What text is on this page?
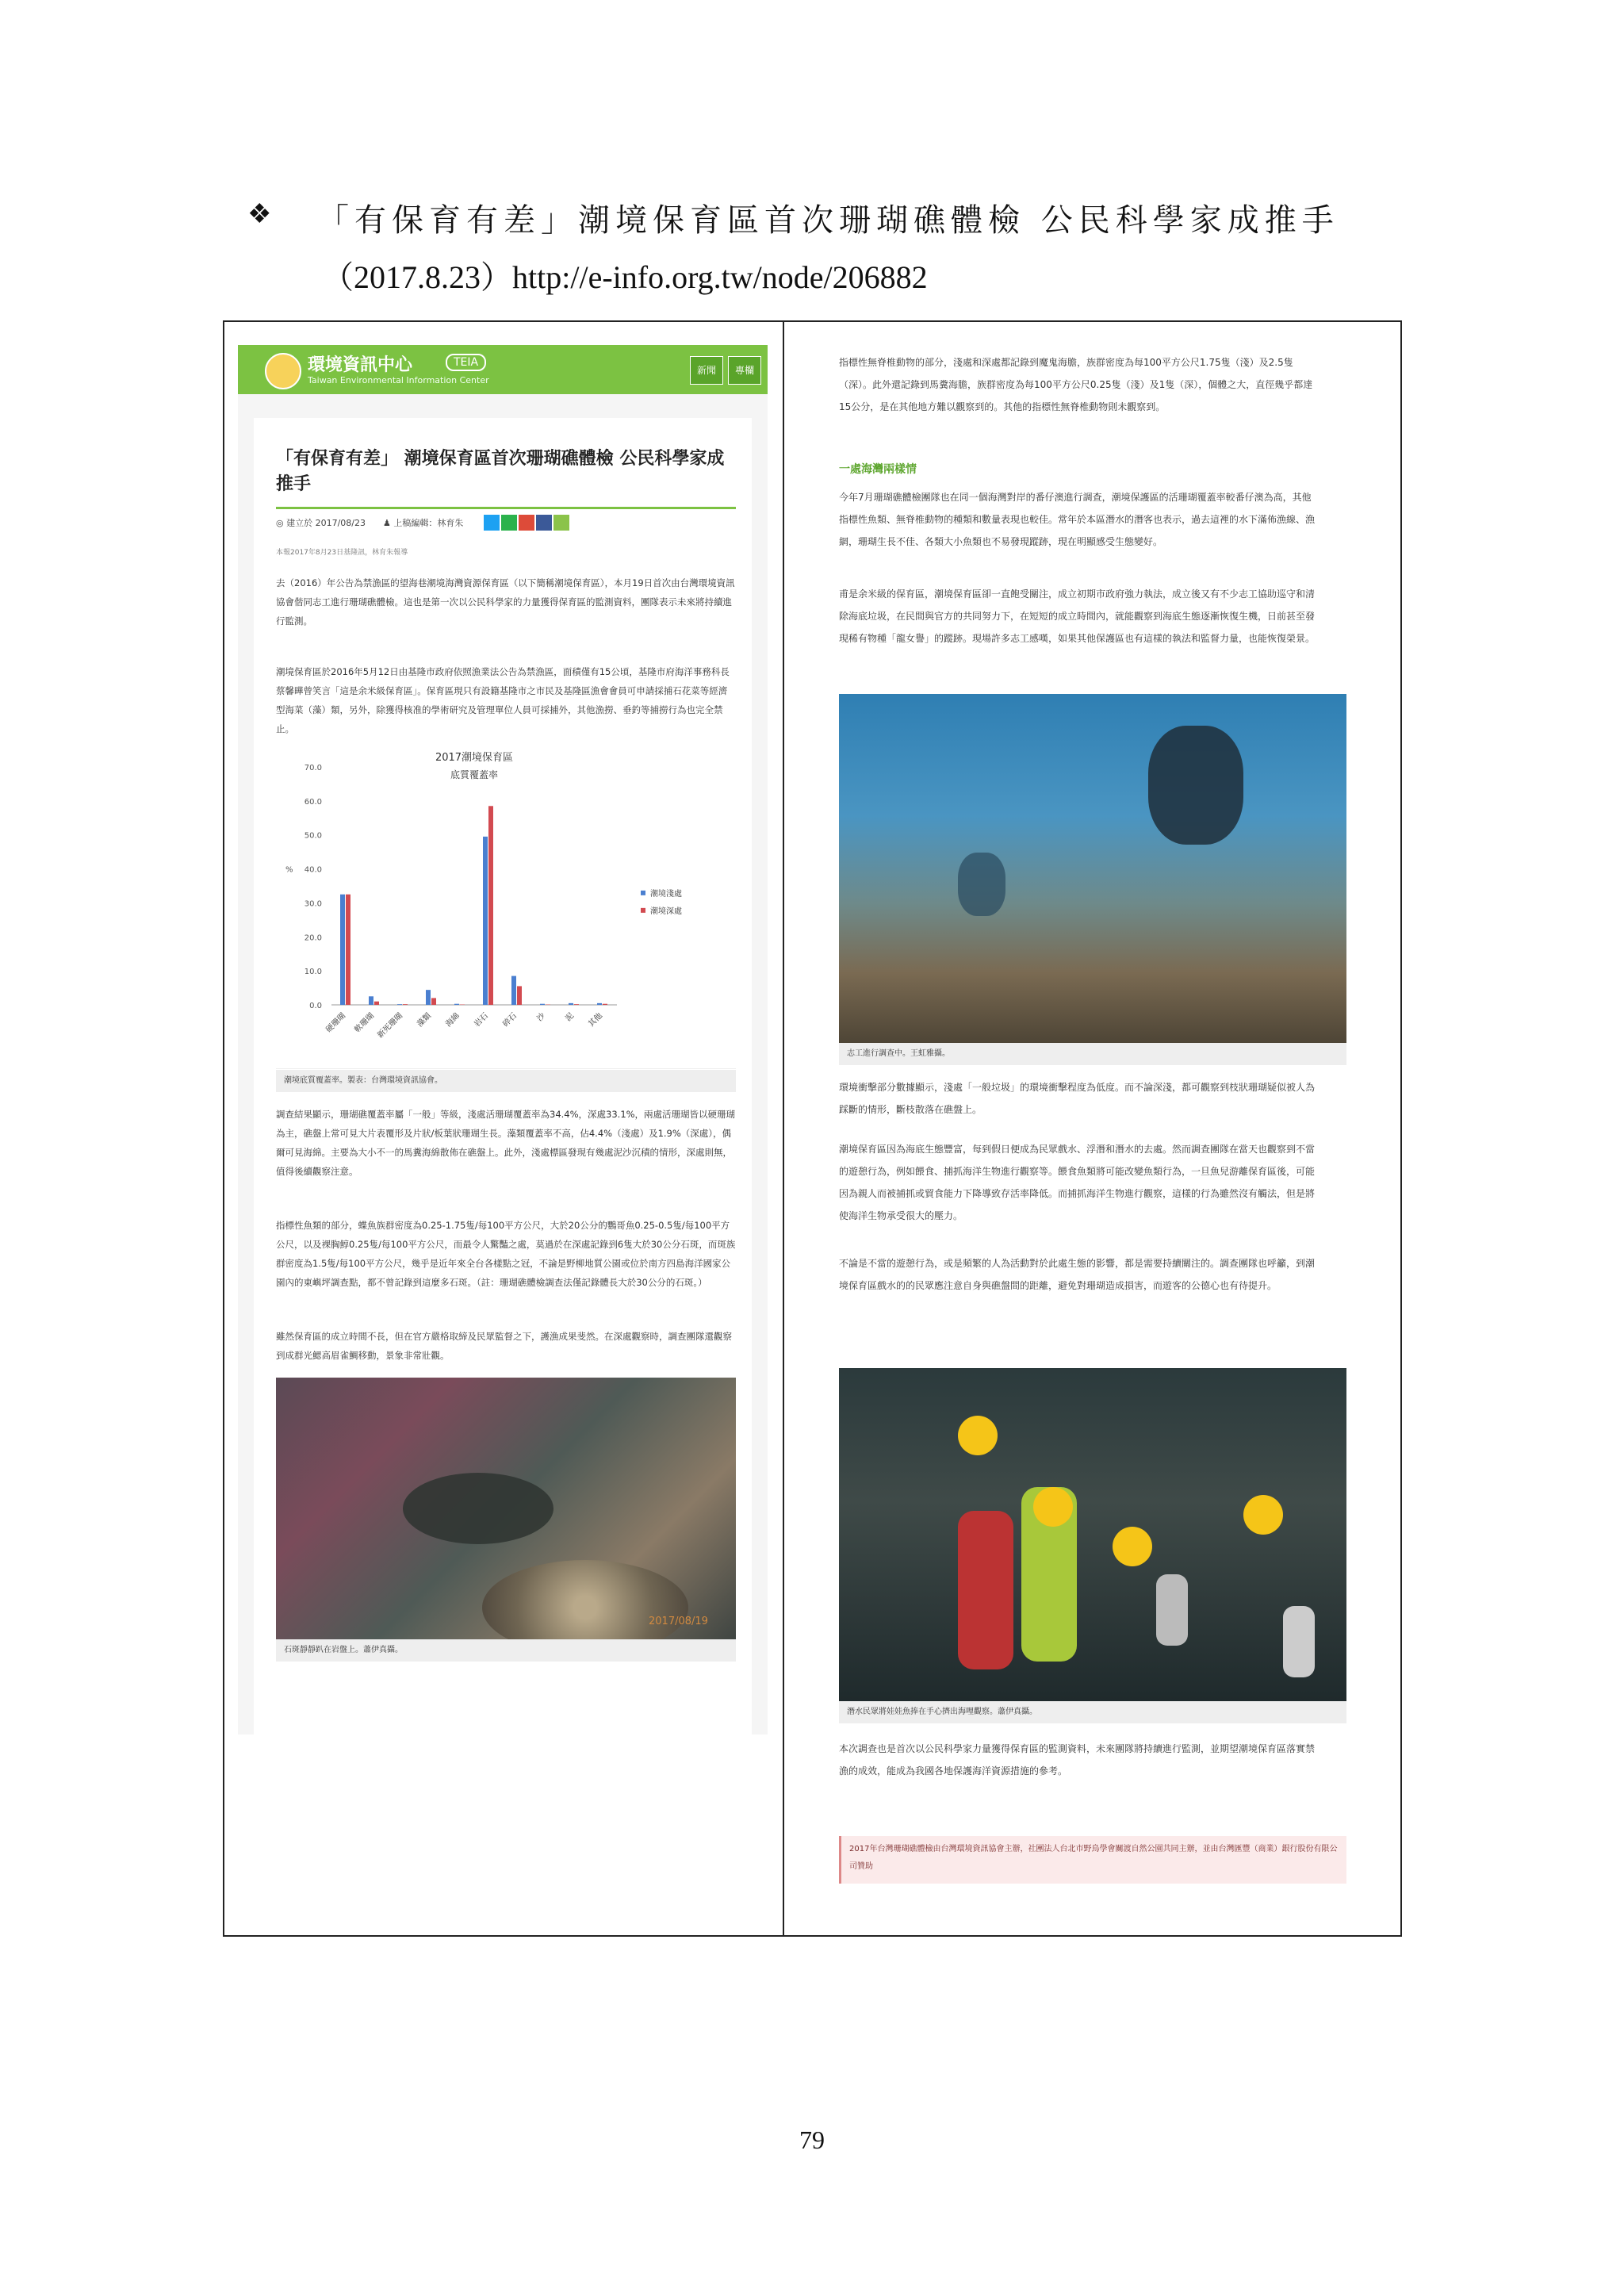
❖ 「有保育有差」潮境保育區首次珊瑚礁體檢 公民科學家成推手
（2017.8.23）http://e-info.org.tw/node/206882
環境資訊中心	TEIA
Taiwan Environmental Information Center
新聞	專欄
「有保育有差」 潮境保育區首次珊瑚礁體檢 公民科學家成推手
◎ 建立於 2017/08/23　　♟ 上稿編輯：林育朱
本報2017年8月23日基隆訊，林育朱報導
去（2016）年公告為禁漁區的望海巷潮境海灣資源保育區（以下簡稱潮境保育區），本月19日首次由台灣環境資訊協會偕同志工進行珊瑚礁體檢。這也是第一次以公民科學家的力量獲得保育區的監測資料，團隊表示未來將持續進行監測。
潮境保育區於2016年5月12日由基隆市政府依照漁業法公告為禁漁區，面積僅有15公頃，基隆市府海洋事務科長蔡馨曄曾笑言「這是余米級保育區」。保育區現只有設籍基隆市之市民及基隆區漁會會員可申請採捕石花菜等經濟型海菜（藻）類，另外，除獲得核准的學術研究及管理單位人員可採捕外，其他漁撈、垂釣等捕撈行為也完全禁止。
2017潮境保育區
底質覆蓋率
70.0
60.0
50.0
40.0
30.0
20.0
10.0
0.0
%
硬珊瑚 軟珊瑚 新死珊瑚 藻類 海綿 岩石 碎石 沙 泥 其他
潮境淺處
潮境深處
潮境底質覆蓋率。製表：台灣環境資訊協會。
調查結果顯示，珊瑚礁覆蓋率屬「一般」等級，淺處活珊瑚覆蓋率為34.4%，深處33.1%，兩處活珊瑚皆以硬珊瑚為主，礁盤上常可見大片表覆形及片狀/板葉狀珊瑚生長。藻類覆蓋率不高，佔4.4%（淺處）及1.9%（深處），偶爾可見海綿。主要為大小不一的馬糞海綿散佈在礁盤上。此外，淺處標區發現有幾處泥沙沉積的情形，深處則無，值得後續觀察注意。
指標性魚類的部分，蝶魚族群密度為0.25-1.75隻/每100平方公尺，大於20公分的鸚哥魚0.25-0.5隻/每100平方公尺，以及裸胸鯙0.25隻/每100平方公尺，而最令人驚豔之處，莫過於在深處記錄到6隻大於30公分石斑，而斑族群密度為1.5隻/每100平方公尺，幾乎是近年來全台各樣點之冠，不論是野柳地質公園或位於南方四島海洋國家公園內的東嶼坪調查點，都不曾記錄到這麼多石斑。（註：珊瑚礁體檢調查法僅記錄體長大於30公分的石斑。）
雖然保育區的成立時間不長，但在官方嚴格取締及民眾監督之下，護漁成果斐然。在深處觀察時，調查團隊還觀察到成群光鰓高眉雀鯛移動，景象非常壯觀。
2017/08/19
石斑靜靜趴在岩盤上。蕭伊真攝。
指標性無脊椎動物的部分，淺處和深處都記錄到魔鬼海膽，族群密度為每100平方公尺1.75隻（淺）及2.5隻（深）。此外還記錄到馬糞海膽，族群密度為每100平方公尺0.25隻（淺）及1隻（深），個體之大，直徑幾乎都達15公分，是在其他地方難以觀察到的。其他的指標性無脊椎動物則未觀察到。
一處海灣兩樣情
今年7月珊瑚礁體檢團隊也在同一個海灣對岸的番仔澳進行調查，潮境保護區的活珊瑚覆蓋率較番仔澳為高，其他指標性魚類、無脊椎動物的種類和數量表現也較佳。常年於本區潛水的潛客也表示，過去這裡的水下滿佈漁線、漁網，珊瑚生長不佳、各類大小魚類也不易發現蹤跡，現在明顯感受生態變好。
甫是余米級的保育區，潮境保育區卻一直飽受關注，成立初期市政府強力執法，成立後又有不少志工協助巡守和清除海底垃圾，在民間與官方的共同努力下，在短短的成立時間內，就能觀察到海底生態逐漸恢復生機，日前甚至發現稀有物種「龍女譽」的蹤跡。現場許多志工感嘆，如果其他保護區也有這樣的執法和監督力量，也能恢復榮景。
志工進行調查中。王虹雅攝。
環境衝擊部分數據顯示，淺處「一般垃圾」的環境衝擊程度為低度。而不論深淺，都可觀察到枝狀珊瑚疑似被人為踩斷的情形，斷枝散落在礁盤上。
潮境保育區因為海底生態豐富，每到假日便成為民眾戲水、浮潛和潛水的去處。然而調查團隊在當天也觀察到不當的遊憩行為，例如餵食、捕抓海洋生物進行觀察等。餵食魚類將可能改變魚類行為，一旦魚兒游離保育區後，可能因為親人而被捕抓或貿食能力下降導致存活率降低。而捕抓海洋生物進行觀察，這樣的行為雖然沒有觸法，但是將使海洋生物承受很大的壓力。
不論是不當的遊憩行為，或是頻繁的人為活動對於此處生態的影響，都是需要持續關注的。調查團隊也呼籲，到潮境保育區戲水的的民眾應注意自身與礁盤間的距離，避免對珊瑚造成損害，而遊客的公德心也有待提升。
潛水民眾將娃娃魚捧在手心擠出海哩觀察。蕭伊真攝。
本次調查也是首次以公民科學家力量獲得保育區的監測資料，未來團隊將持續進行監測，並期望潮境保育區落實禁漁的成效，能成為我國各地保護海洋資源措施的參考。
2017年台灣珊瑚礁體檢由台灣環境資訊協會主辦，社團法人台北市野鳥學會關渡自然公園共同主辦，並由台灣匯豐（商業）銀行股份有限公司贊助
79
